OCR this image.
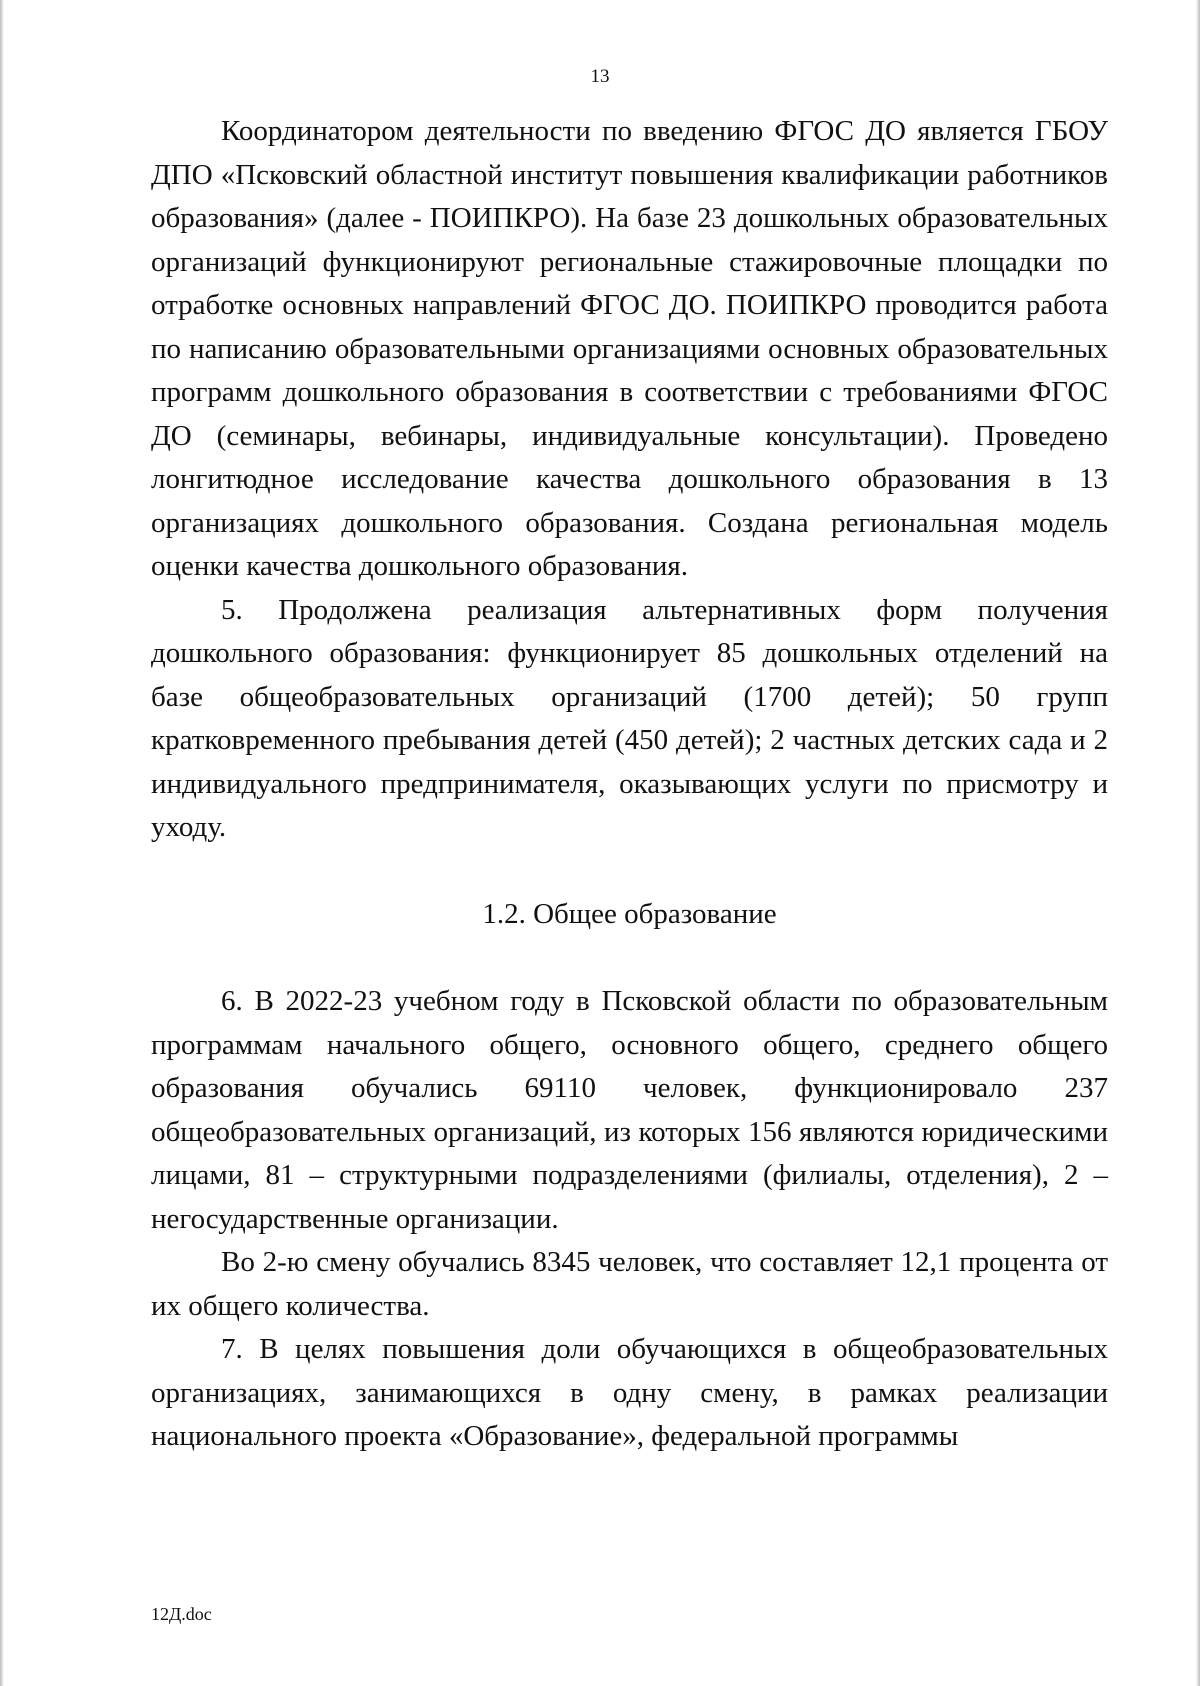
13

Координатором деятельности по введению ФГОС ДО является ГБОУ ДПО «Псковский областной институт повышения квалификации работников образования» (далее - ПОИПКРО). На базе 23 дошкольных образовательных организаций функционируют региональные стажировочные площадки по отработке основных направлений ФГОС ДО. ПОИПКРО проводится работа по написанию образовательными организациями основных образовательных программ дошкольного образования в соответствии с требованиями ФГОС ДО (семинары, вебинары, индивидуальные консультации). Проведено лонгитюдное исследование качества дошкольного образования в 13 организациях дошкольного образования. Создана региональная модель оценки качества дошкольного образования.

5. Продолжена реализация альтернативных форм получения дошкольного образования: функционирует 85 дошкольных отделений на базе общеобразовательных организаций (1700 детей); 50 групп кратковременного пребывания детей (450 детей); 2 частных детских сада и 2 индивидуального предпринимателя, оказывающих услуги по присмотру и уходу.

1.2. Общее образование

6. В 2022-23 учебном году в Псковской области по образовательным программам начального общего, основного общего, среднего общего образования обучались 69110 человек, функционировало 237 общеобразовательных организаций, из которых 156 являются юридическими лицами, 81 – структурными подразделениями (филиалы, отделения), 2 – негосударственные организации.

Во 2-ю смену обучались 8345 человек, что составляет 12,1 процента от их общего количества.

7. В целях повышения доли обучающихся в общеобразовательных организациях, занимающихся в одну смену, в рамках реализации национального проекта «Образование», федеральной программы

12Д.doc
